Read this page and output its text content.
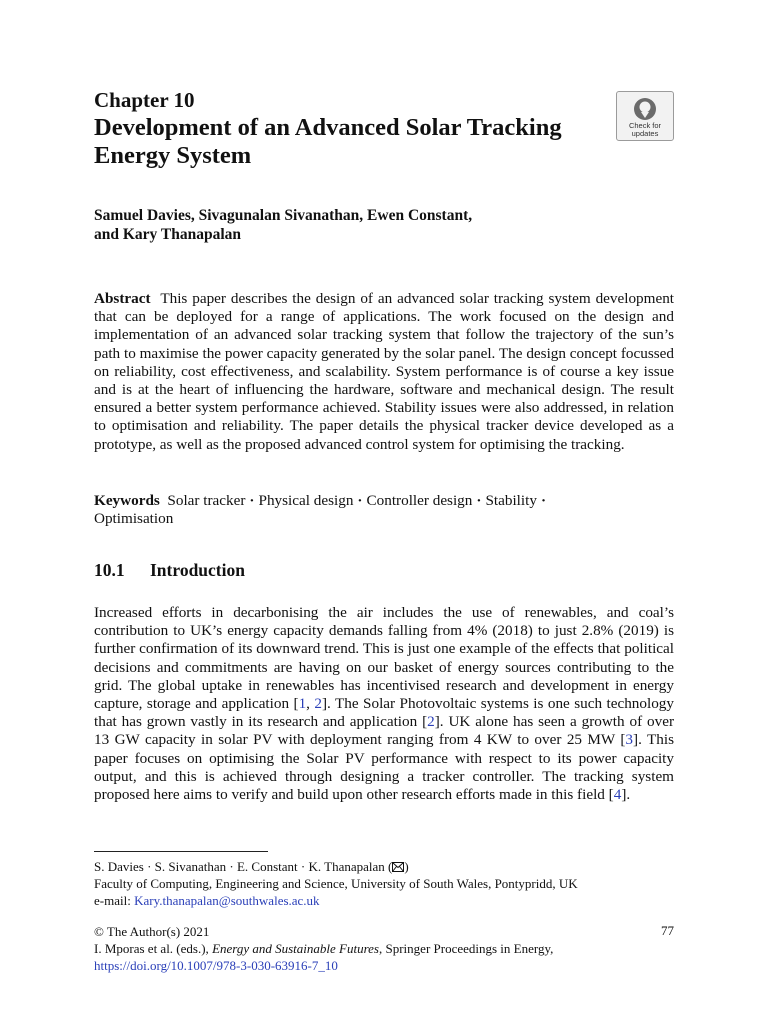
Chapter 10
Development of an Advanced Solar Tracking Energy System
Samuel Davies, Sivagunalan Sivanathan, Ewen Constant,
and Kary Thanapalan

Abstract This paper describes the design of an advanced solar tracking system development that can be deployed for a range of applications. The work focused on the design and implementation of an advanced solar tracking system that follow the trajectory of the sun’s path to maximise the power capacity generated by the solar panel. The design concept focussed on reliability, cost effectiveness, and scalability. System performance is of course a key issue and is at the heart of influencing the hardware, software and mechanical design. The result ensured a better system performance achieved. Stability issues were also addressed, in relation to optimisation and reliability. The paper details the physical tracker device developed as a prototype, as well as the proposed advanced control system for optimising the tracking.

Keywords Solar tracker · Physical design · Controller design · Stability ·
Optimisation

10.1 Introduction

Increased efforts in decarbonising the air includes the use of renewables, and coal’s contribution to UK’s energy capacity demands falling from 4% (2018) to just 2.8% (2019) is further confirmation of its downward trend. This is just one example of the effects that political decisions and commitments are having on our basket of energy sources contributing to the grid. The global uptake in renewables has incentivised research and development in energy capture, storage and application [1, 2]. The Solar Photovoltaic systems is one such technology that has grown vastly in its research and application [2]. UK alone has seen a growth of over 13 GW capacity in solar PV with deployment ranging from 4 KW to over 25 MW [3]. This paper focuses on optimising the Solar PV performance with respect to its power capacity output, and this is achieved through designing a tracker controller. The tracking system proposed here aims to verify and build upon other research efforts made in this field [4].

S. Davies · S. Sivanathan · E. Constant · K. Thanapalan ( )
Faculty of Computing, Engineering and Science, University of South Wales, Pontypridd, UK
e-mail: Kary.thanapalan@southwales.ac.uk
© The Author(s) 2021
I. Mporas et al. (eds.), Energy and Sustainable Futures, Springer Proceedings in Energy,
https://doi.org/10.1007/978-3-030-63916-7_10
77
Check for
updates
